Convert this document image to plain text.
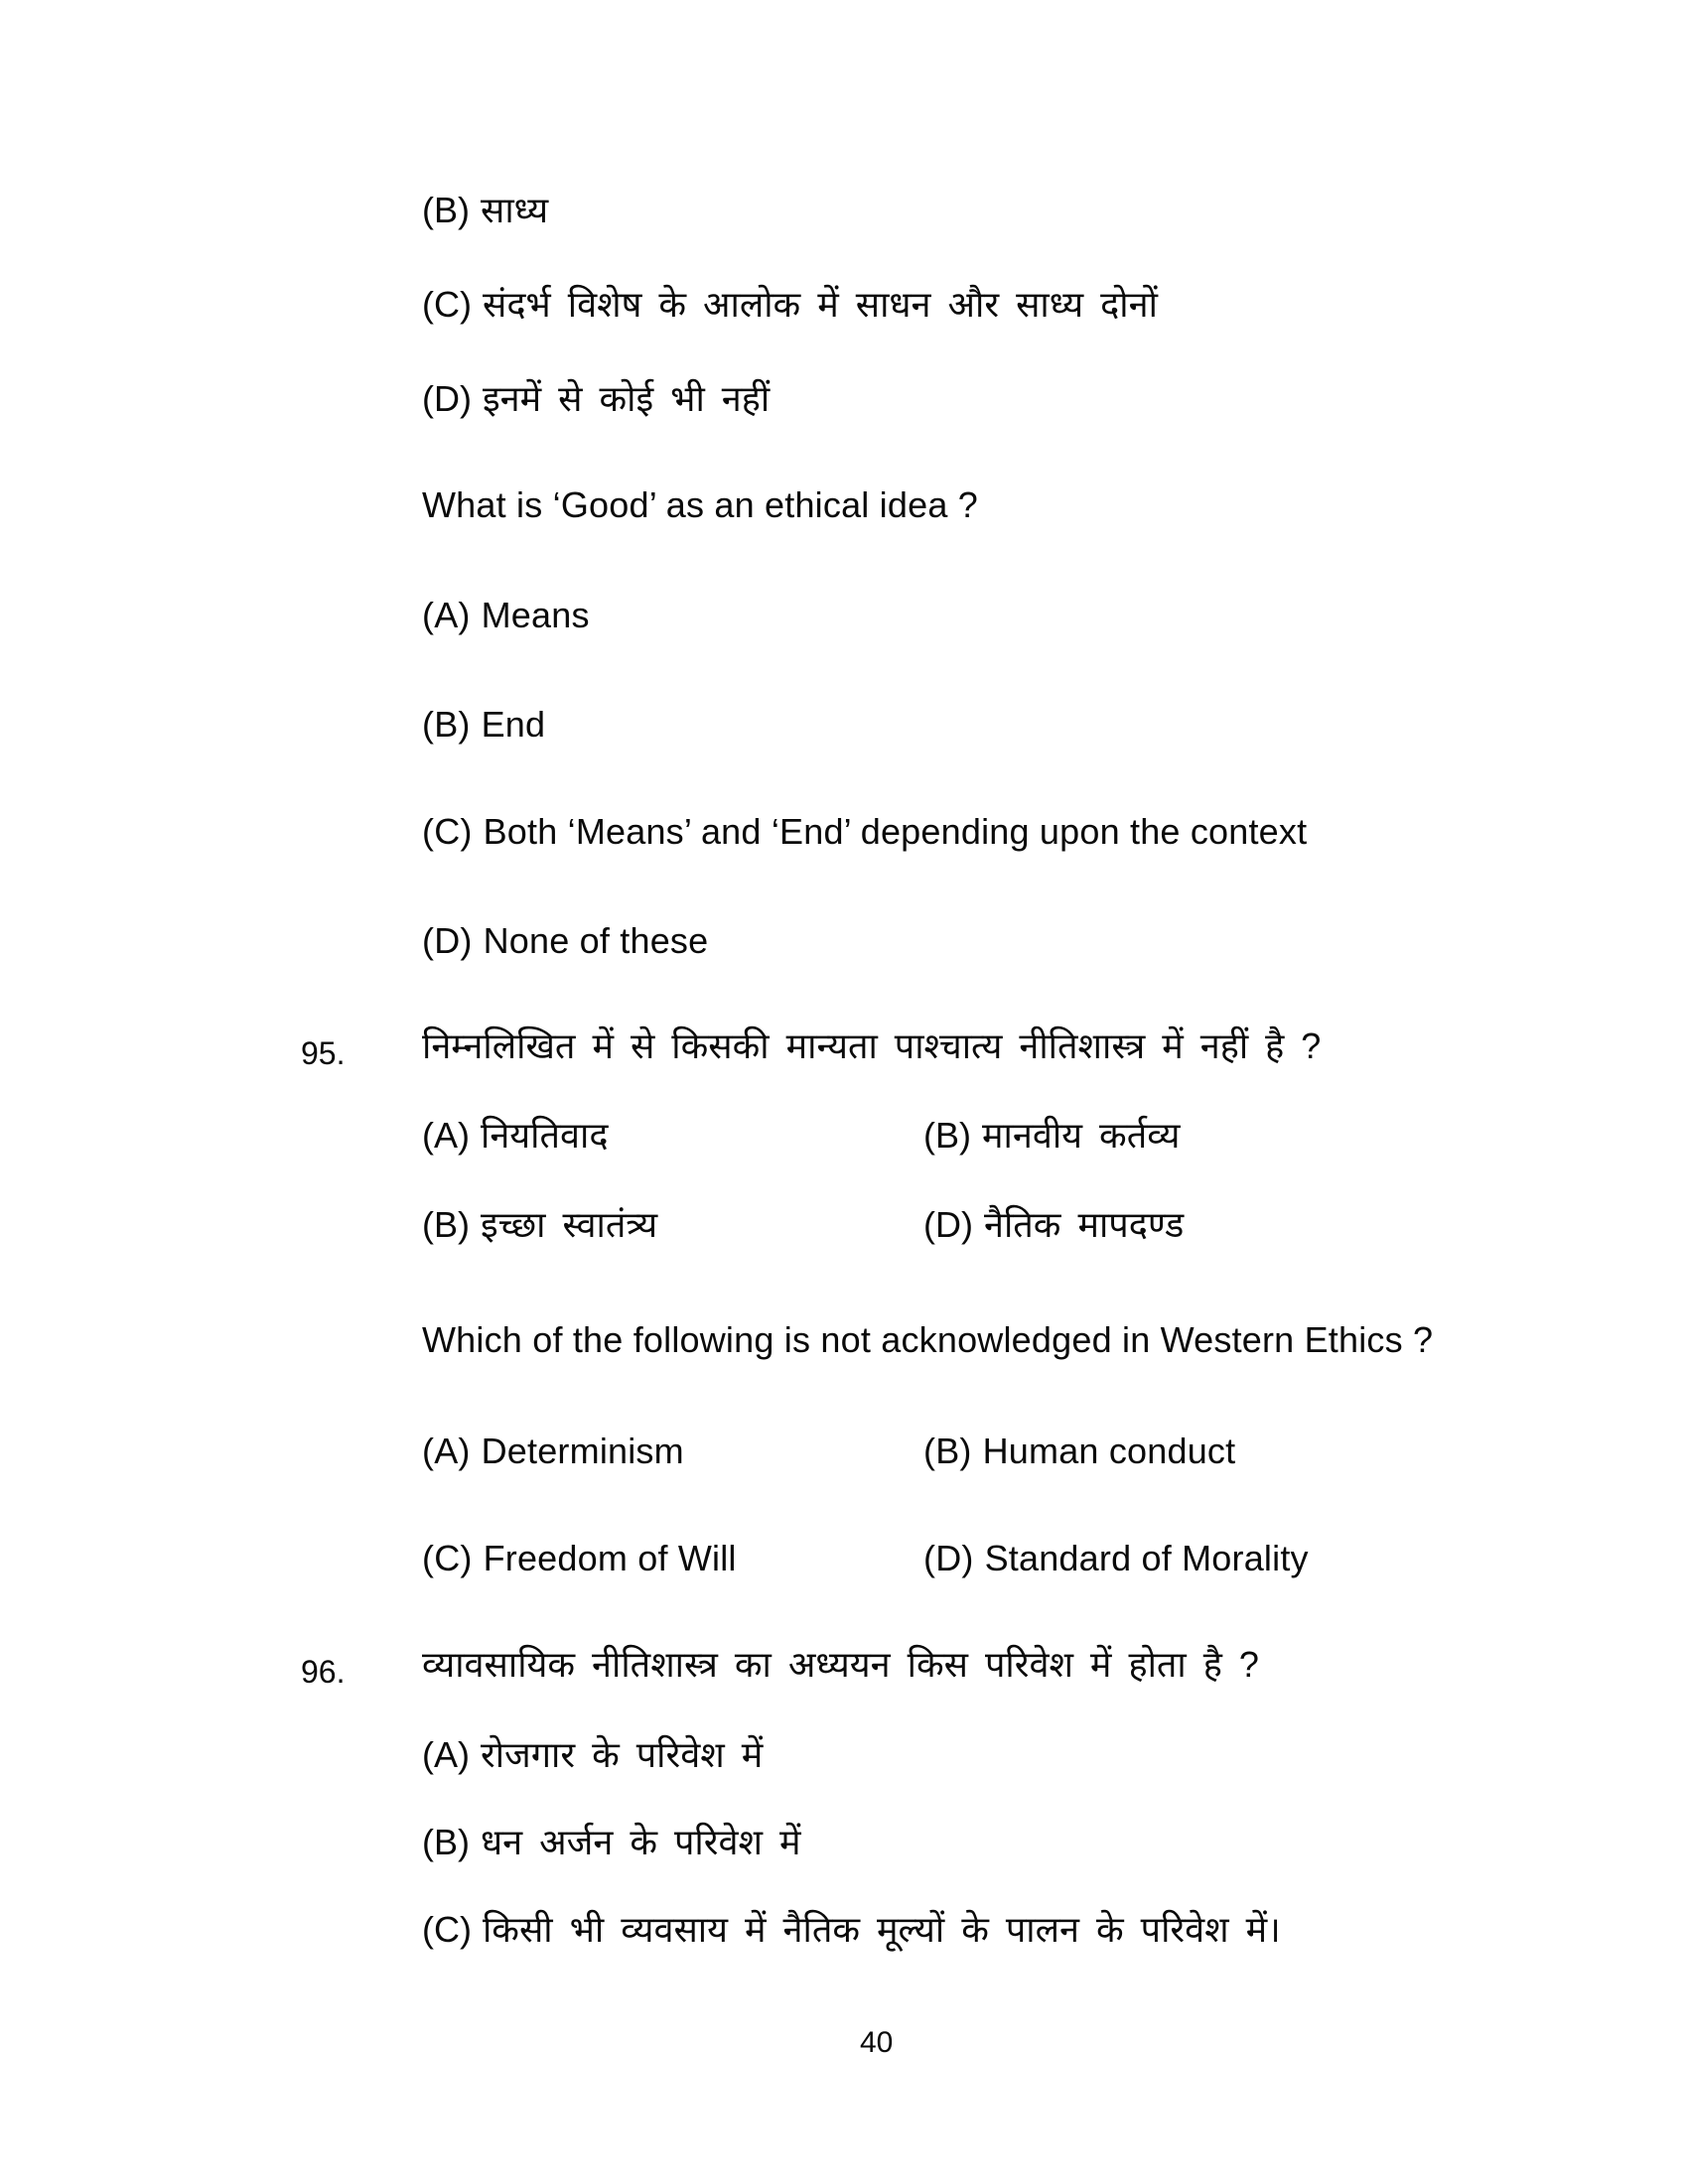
(B) साध्य
(C) संदर्भ विशेष के आलोक में साधन और साध्य दोनों
(D) इनमें से कोई भी नहीं
What is ‘Good’ as an ethical idea ?
(A) Means
(B) End
(C) Both ‘Means’ and ‘End’ depending upon the context
(D) None of these
95. निम्नलिखित में से किसकी मान्यता पाश्चात्य नीतिशास्त्र में नहीं है ?
(A) नियतिवाद	(B) मानवीय कर्तव्य
(B) इच्छा स्वातंत्र्य	(D) नैतिक मापदण्ड
Which of the following is not acknowledged in Western Ethics ?
(A) Determinism	(B) Human conduct
(C) Freedom of Will	(D) Standard of Morality
96. व्यावसायिक नीतिशास्त्र का अध्ययन किस परिवेश में होता है ?
(A) रोजगार के परिवेश में
(B) धन अर्जन के परिवेश में
(C) किसी भी व्यवसाय में नैतिक मूल्यों के पालन के परिवेश में।
40
